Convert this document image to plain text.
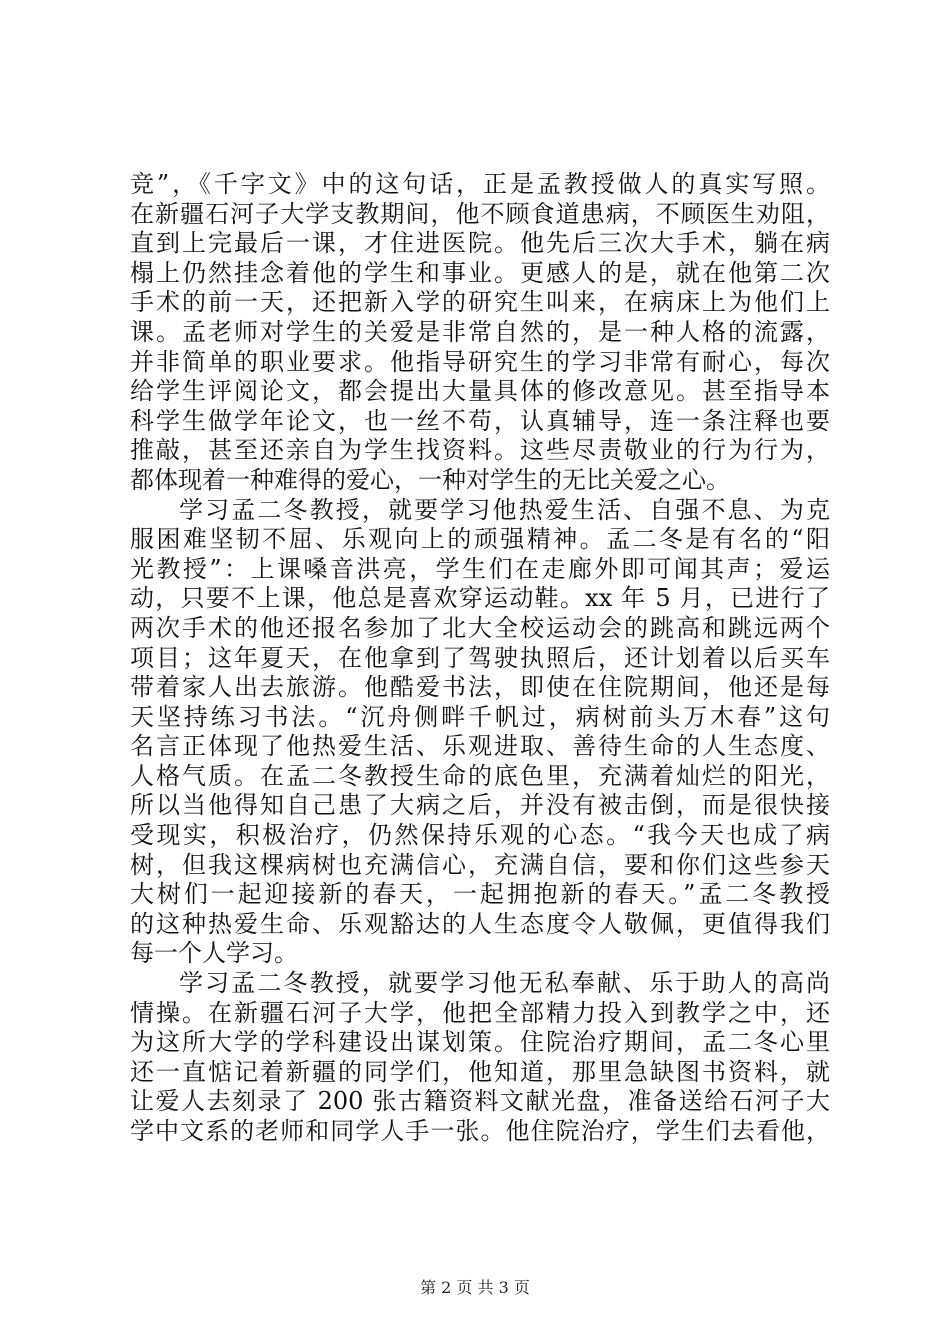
竞”，《千字文》中的这句话，正是孟教授做人的真实写照。
在新疆石河子大学支教期间，他不顾食道患病，不顾医生劝阻，
直到上完最后一课，才住进医院。他先后三次大手术，躺在病
榻上仍然挂念着他的学生和事业。更感人的是，就在他第二次
手术的前一天，还把新入学的研究生叫来，在病床上为他们上
课。孟老师对学生的关爱是非常自然的，是一种人格的流露，
并非简单的职业要求。他指导研究生的学习非常有耐心，每次
给学生评阅论文，都会提出大量具体的修改意见。甚至指导本
科学生做学年论文，也一丝不苟，认真辅导，连一条注释也要
推敲，甚至还亲自为学生找资料。这些尽责敬业的行为行为，
都体现着一种难得的爱心，一种对学生的无比关爱之心。
学习孟二冬教授，就要学习他热爱生活、自强不息、为克
服困难坚韧不屈、乐观向上的顽强精神。孟二冬是有名的“阳
光教授”：上课嗓音洪亮，学生们在走廊外即可闻其声；爱运
动，只要不上课，他总是喜欢穿运动鞋。xx 年 5 月，已进行了
两次手术的他还报名参加了北大全校运动会的跳高和跳远两个
项目；这年夏天，在他拿到了驾驶执照后，还计划着以后买车
带着家人出去旅游。他酷爱书法，即使在住院期间，他还是每
天坚持练习书法。“沉舟侧畔千帆过，病树前头万木春”这句
名言正体现了他热爱生活、乐观进取、善待生命的人生态度、
人格气质。在孟二冬教授生命的底色里，充满着灿烂的阳光，
所以当他得知自己患了大病之后，并没有被击倒，而是很快接
受现实，积极治疗，仍然保持乐观的心态。“我今天也成了病
树，但我这棵病树也充满信心，充满自信，要和你们这些参天
大树们一起迎接新的春天，一起拥抱新的春天。”孟二冬教授
的这种热爱生命、乐观豁达的人生态度令人敬佩，更值得我们
每一个人学习。
学习孟二冬教授，就要学习他无私奉献、乐于助人的高尚
情操。在新疆石河子大学，他把全部精力投入到教学之中，还
为这所大学的学科建设出谋划策。住院治疗期间，孟二冬心里
还一直惦记着新疆的同学们，他知道，那里急缺图书资料，就
让爱人去刻录了 200 张古籍资料文献光盘，准备送给石河子大
学中文系的老师和同学人手一张。他住院治疗，学生们去看他，
第 2 页 共 3 页
